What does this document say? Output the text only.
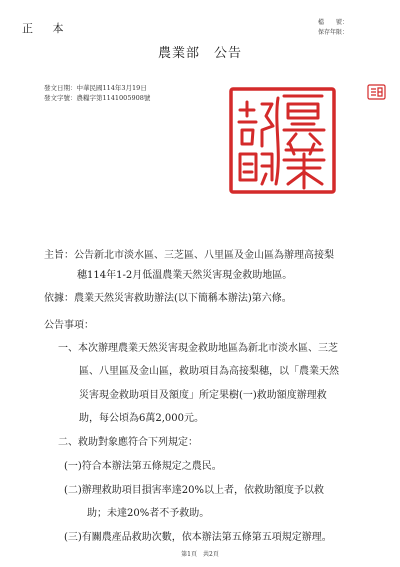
正 本	檔　　號：
保存年限：
農業部　公告
發文日期：中華民國114年3月19日
發文字號：農糧字第1141005908號
主旨：公告新北市淡水區、三芝區、八里區及金山區為辦理高接梨
穗114年1-2月低溫農業天然災害現金救助地區。
依據：農業天然災害救助辦法(以下簡稱本辦法)第六條。
公告事項：
一、本次辦理農業天然災害現金救助地區為新北市淡水區、三芝
區、八里區及金山區，救助項目為高接梨穗，以「農業天然
災害現金救助項目及額度」所定果樹(一)救助額度辦理救
助，每公頃為6萬2,000元。
二、救助對象應符合下列規定：
(一)符合本辦法第五條規定之農民。
(二)辦理救助項目損害率達20%以上者，依救助額度予以救
助；未達20%者不予救助。
(三)有關農產品救助次數，依本辦法第五條第五項規定辦理。
第1頁　共2頁
